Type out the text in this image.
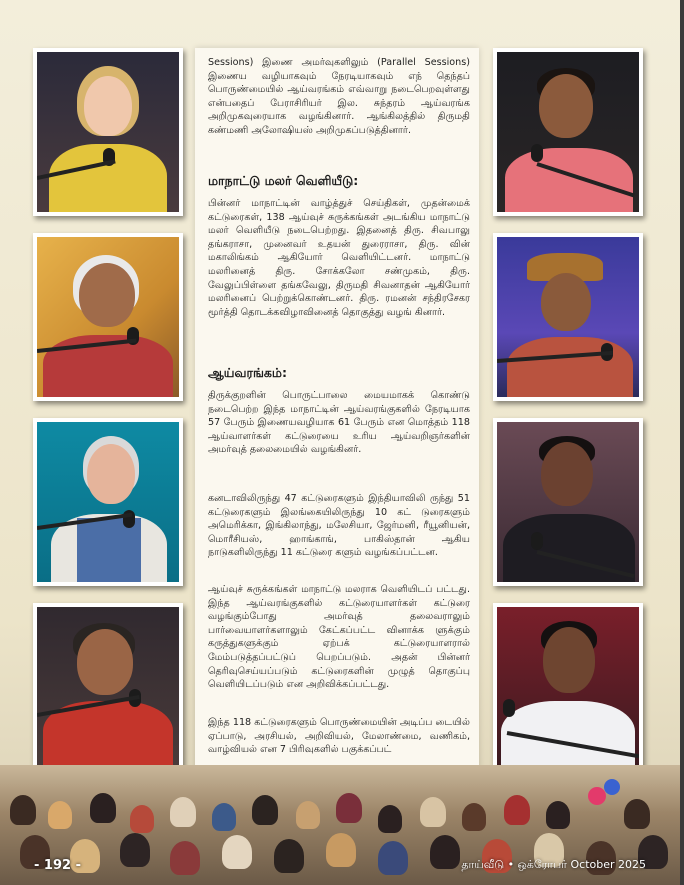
Sessions) இணை அமர்வுகளிலும் (Parallel Sessions) இணைய வழியாகவும் நேரடியாகவும் எந் தெந்தப் பொருண்மையில் ஆய்வரங்கம் எவ்வாறு நடைபெறவுள்ளது என்பதைப் பேராசிரியர் இல. சுந்தரம் ஆய்வரங்க அறிமுகவுரையாக வழங்கினார். ஆங்கிலத்தில் திருமதி கண்மணி அலோஷியஸ் அறிமுகப்படுத்தினார்.
மாநாட்டு மலர் வெளியீடு:
பின்னர் மாநாட்டின் வாழ்த்துச் செய்திகள், முதன்மைக் கட்டுரைகள், 138 ஆய்வுச் சுருக்கங்கள் அடங்கிய மாநாட்டு மலர் வெளியீடு நடைபெற்றது. இதனைத் திரு. சிவபாலு தங்கராசா, முனைவர் உதயன் துரைராசா, திரு. வின் மகாலிங்கம் ஆகியோர் வெளியிட்டனர். மாநாட்டு மலரினைத் திரு. சோக்கலோ சண்முகம், திரு. வேலுப்பிள்ளை தங்கவேலு, திருமதி சிவனாதன் ஆகியோர் மலரினைப் பெற்றுக்கொண்டனர். திரு. ரமனன் சந்திரசேகர மூர்த்தி தொடக்கவிழாவினைத் தொகுத்து வழங் கினார்.
ஆய்வரங்கம்:
திருக்குறளின் பொருட்பாலை மையமாகக் கொண்டு நடைபெற்ற இந்த மாநாட்டின் ஆய்வரங்குகளில் நேரடியாக 57 பேரும் இணையவழியாக 61 பேரும் என மொத்தம் 118 ஆய்வாளர்கள் கட்டுரையை உரிய ஆய்வறிஞர்களின் அமர்வுத் தலைமையில் வழங்கினர்.
கனடாவிலிருந்து 47 கட்டுரைகளும் இந்தியாவிலி ருந்து 51 கட்டுரைகளும் இலங்கையிலிருந்து 10 கட் டுரைகளும் அமெரிக்கா, இங்கிலாந்து, மலேசியா, ஜேர்மனி, ரீயூனியன், மொரீசியஸ், ஹாங்காங், பாகிஸ்தான் ஆகிய நாடுகளிலிருந்து 11 கட்டுரை களும் வழங்கப்பட்டன.
ஆய்வுச் சுருக்கங்கள் மாநாட்டு மலராக வெளியிடப் பட்டது. இந்த ஆய்வரங்குகளில் கட்டுரையாளர்கள் கட்டுரை வழங்கும்போது அமர்வுத் தலைவராலும் பார்வையாளர்களாலும் கேட்கப்பட்ட வினாக்க ளுக்கும் கருத்துகளுக்கும் ஏற்பக் கட்டுரையாளரால் மேம்படுத்தப்பட்டுப் பெறப்படும். அதன் பின்னர் தெரிவுசெய்யப்படும் கட்டுரைகளின் முழுத் தொகுப்பு வெளியிடப்படும் என அறிவிக்கப்பட்டது.
இந்த 118 கட்டுரைகளும் பொருண்மையின் அடிப்ப டையில் ஏப்பாடு, அரசியல், அறிவியல், மேலாண்மை, வணிகம், வாழ்வியல் என 7 பிரிவுகளில் பகுக்கப்பட்
- 192 -	தாய்வீடு • ஒக்ரோபர் October 2025
